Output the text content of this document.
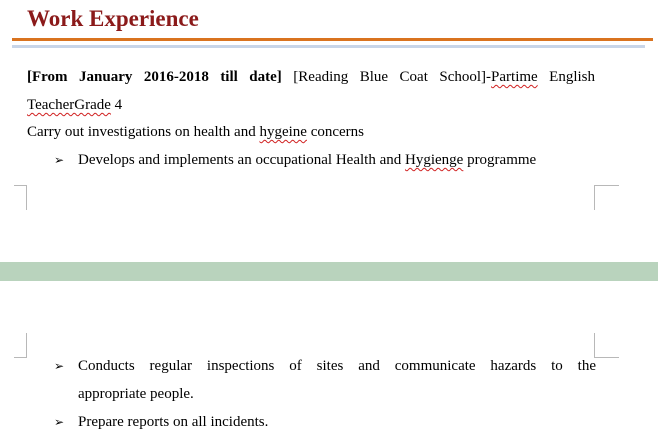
Work Experience
[From January 2016-2018 till date] [Reading Blue Coat School]-Partime English
TeacherGrade 4
Carry out investigations on health and hygeine concerns
➢ Develops and implements an occupational Health and Hygienge programme
➢ Conducts regular inspections of sites and communicate hazards to the
appropriate people.
➢ Prepare reports on all incidents.
